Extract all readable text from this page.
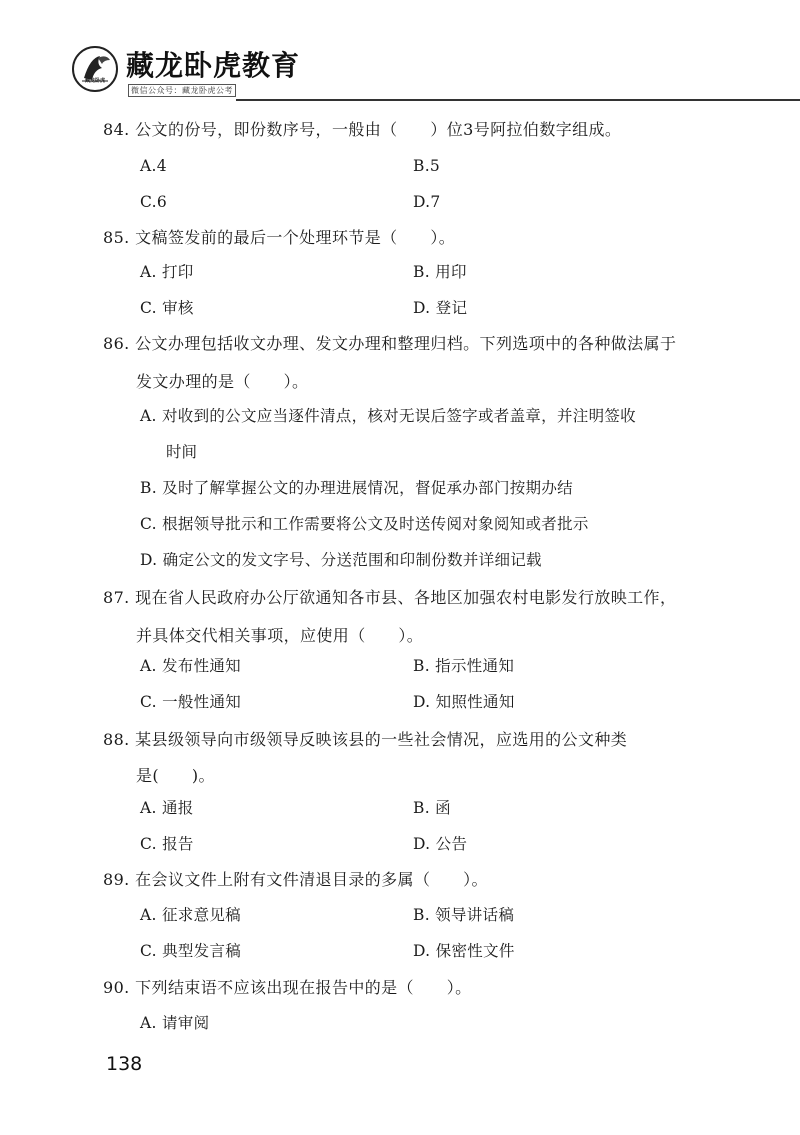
藏龙卧虎 藏龙卧虎教育
微信公众号：藏龙卧虎公考
84. 公文的份号，即份数序号，一般由（　　）位3号阿拉伯数字组成。
A.4	B.5
C.6	D.7
85. 文稿签发前的最后一个处理环节是（　　）。
A. 打印	B. 用印
C. 审核	D. 登记
86. 公文办理包括收文办理、发文办理和整理归档。下列选项中的各种做法属于
发文办理的是（　　）。
A. 对收到的公文应当逐件清点，核对无误后签字或者盖章，并注明签收
时间
B. 及时了解掌握公文的办理进展情况，督促承办部门按期办结
C. 根据领导批示和工作需要将公文及时送传阅对象阅知或者批示
D. 确定公文的发文字号、分送范围和印制份数并详细记载
87. 现在省人民政府办公厅欲通知各市县、各地区加强农村电影发行放映工作，
并具体交代相关事项，应使用（　　）。
A. 发布性通知	B. 指示性通知
C. 一般性通知	D. 知照性通知
88. 某县级领导向市级领导反映该县的一些社会情况，应选用的公文种类
是(　　)。
A. 通报	B. 函
C. 报告	D. 公告
89. 在会议文件上附有文件清退目录的多属（　　）。
A. 征求意见稿	B. 领导讲话稿
C. 典型发言稿	D. 保密性文件
90. 下列结束语不应该出现在报告中的是（　　）。
A. 请审阅
138
